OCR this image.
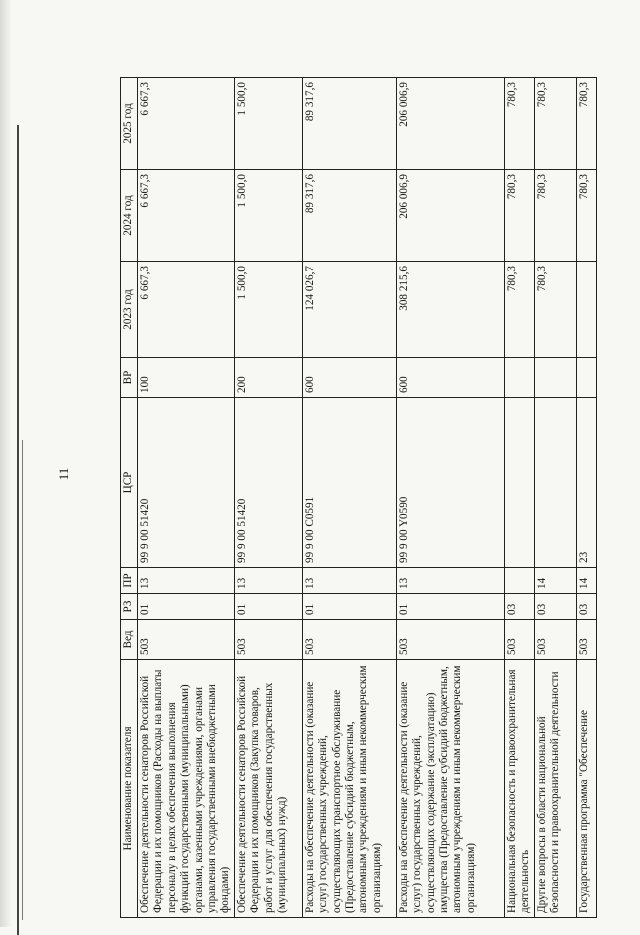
11
Наименование показателя	Вед	РЗ	ПР	ЦСР	ВР	2023 год	2024 год	2025 год
Обеспечение деятельности сенаторов Российской Федерации и их помощников (Расходы на выплаты персоналу в целях обеспечения выполнения функций государственными (муниципальными) органами, казенными учреждениями, органами управления государственными внебюджетными фондами)	503	01	13	99 9 00 51420	100	6 667,3	6 667,3	6 667,3
Обеспечение деятельности сенаторов Российской Федерации и их помощников (Закупка товаров, работ и услуг для обеспечения государственных (муниципальных) нужд)	503	01	13	99 9 00 51420	200	1 500,0	1 500,0	1 500,0
Расходы на обеспечение деятельности (оказание услуг) государственных учреждений, осуществляющих транспортное обслуживание (Предоставление субсидий бюджетным, автономным учреждениям и иным некоммерческим организациям)	503	01	13	99 9 00 С0591	600	124 026,7	89 317,6	89 317,6
Расходы на обеспечение деятельности (оказание услуг) государственных учреждений, осуществляющих содержание (эксплуатацию) имущества (Предоставление субсидий бюджетным, автономным учреждениям и иным некоммерческим организациям)	503	01	13	99 9 00 Y0590	600	308 215,6	206 006,9	206 006,9
Национальная безопасность и правоохранительная деятельность	503	03				780,3	780,3	780,3
Другие вопросы в области национальной безопасности и правоохранительной деятельности	503	03	14			780,3	780,3	780,3
Государственная программа "Обеспечение	503	03	14	23			780,3	780,3
